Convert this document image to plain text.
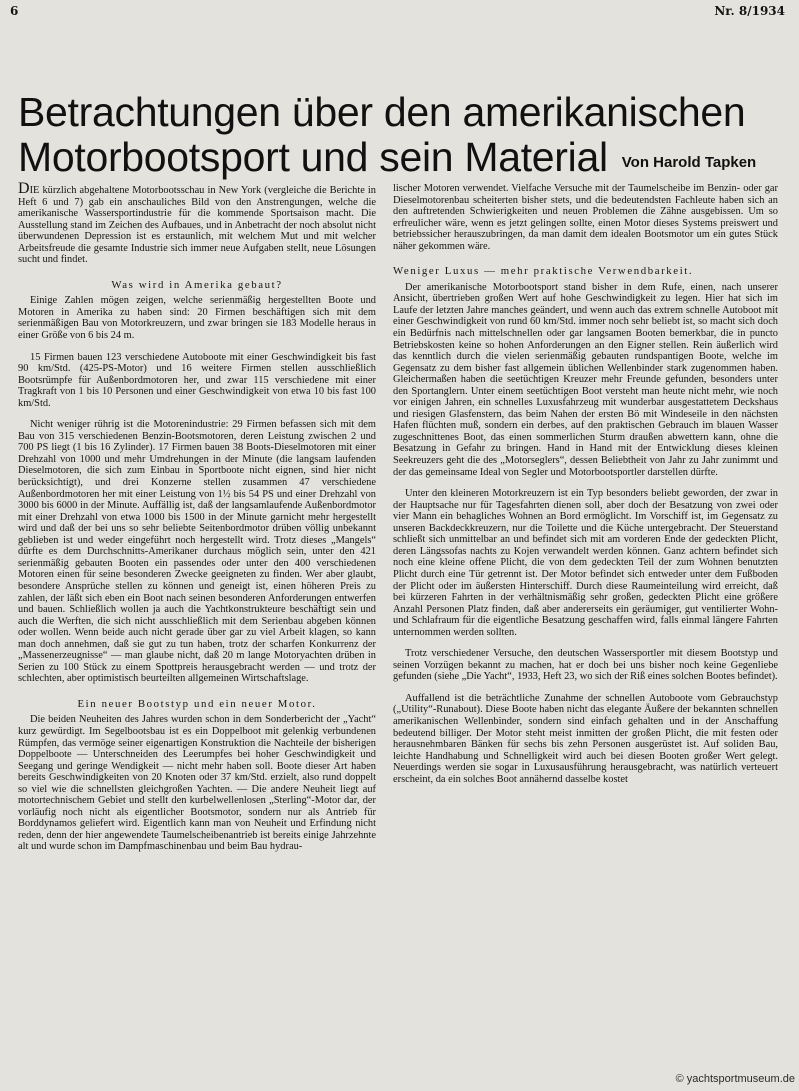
6	Nr. 8/1934
Betrachtungen über den amerikanischen
Motorbootsport und sein Material Von Harold Tapken

DIE kürzlich abgehaltene Motorbootsschau in New York (vergleiche die Berichte in Heft 6 und 7) gab ein anschauliches Bild von den Anstrengungen, welche die amerikanische Wassersportindustrie für die kommende Sportsaison macht. Die Ausstellung stand im Zeichen des Aufbaues, und in Anbetracht der noch absolut nicht überwundenen Depression ist es erstaunlich, mit welchem Mut und mit welcher Arbeitsfreude die gesamte Industrie sich immer neue Aufgaben stellt, neue Lösungen sucht und findet.

Was wird in Amerika gebaut?

Einige Zahlen mögen zeigen, welche serienmäßig hergestellten Boote und Motoren in Amerika zu haben sind: 20 Firmen beschäftigen sich mit dem serienmäßigen Bau von Motorkreuzern, und zwar bringen sie 183 Modelle heraus in einer Größe von 6 bis 24 m.

15 Firmen bauen 123 verschiedene Autoboote mit einer Geschwindigkeit bis fast 90 km/Std. (425-PS-Motor) und 16 weitere Firmen stellen ausschließlich Bootsrümpfe für Außenbordmotoren her, und zwar 115 verschiedene mit einer Tragkraft von 1 bis 10 Personen und einer Geschwindigkeit von etwa 10 bis fast 100 km/Std.

Nicht weniger rührig ist die Motorenindustrie: 29 Firmen befassen sich mit dem Bau von 315 verschiedenen Benzin-Bootsmotoren, deren Leistung zwischen 2 und 700 PS liegt (1 bis 16 Zylinder). 17 Firmen bauen 38 Boots-Dieselmotoren mit einer Drehzahl von 1000 und mehr Umdrehungen in der Minute (die langsam laufenden Dieselmotoren, die sich zum Einbau in Sportboote nicht eignen, sind hier nicht berücksichtigt), und drei Konzerne stellen zusammen 47 verschiedene Außenbordmotoren her mit einer Leistung von 1½ bis 54 PS und einer Drehzahl von 3000 bis 6000 in der Minute. Auffällig ist, daß der langsamlaufende Außenbordmotor mit einer Drehzahl von etwa 1000 bis 1500 in der Minute garnicht mehr hergestellt wird und daß der bei uns so sehr beliebte Seitenbordmotor drüben völlig unbekannt geblieben ist und weder eingeführt noch hergestellt wird. Trotz dieses „Mangels“ dürfte es dem Durchschnitts-Amerikaner durchaus möglich sein, unter den 421 serienmäßig gebauten Booten ein passendes oder unter den 400 verschiedenen Motoren einen für seine besonderen Zwecke geeigneten zu finden. Wer aber glaubt, besondere Ansprüche stellen zu können und geneigt ist, einen höheren Preis zu zahlen, der läßt sich eben ein Boot nach seinen besonderen Anforderungen entwerfen und bauen. Schließlich wollen ja auch die Yachtkonstrukteure beschäftigt sein und auch die Werften, die sich nicht ausschließlich mit dem Serienbau abgeben können oder wollen. Wenn beide auch nicht gerade über gar zu viel Arbeit klagen, so kann man doch annehmen, daß sie gut zu tun haben, trotz der scharfen Konkurrenz der „Massenerzeugnisse“ — man glaube nicht, daß 20 m lange Motoryachten drüben in Serien zu 100 Stück zu einem Spottpreis herausgebracht werden — und trotz der schlechten, aber optimistisch beurteilten allgemeinen Wirtschaftslage.

Ein neuer Bootstyp und ein neuer Motor.

Die beiden Neuheiten des Jahres wurden schon in dem Sonderbericht der „Yacht“ kurz gewürdigt. Im Segelbootsbau ist es ein Doppelboot mit gelenkig verbundenen Rümpfen, das vermöge seiner eigenartigen Konstruktion die Nachteile der bisherigen Doppelboote — Unterschneiden des Leerumpfes bei hoher Geschwindigkeit und Seegang und geringe Wendigkeit — nicht mehr haben soll. Boote dieser Art haben bereits Geschwindigkeiten von 20 Knoten oder 37 km/Std. erzielt, also rund doppelt so viel wie die schnellsten gleichgroßen Yachten. — Die andere Neuheit liegt auf motortechnischem Gebiet und stellt den kurbelwellenlosen „Sterling“-Motor dar, der vorläufig noch nicht als eigentlicher Bootsmotor, sondern nur als Antrieb für Borddynamos geliefert wird. Eigentlich kann man von Neuheit und Erfindung nicht reden, denn der hier angewendete Taumelscheibenantrieb ist bereits einige Jahrzehnte alt und wurde schon im Dampfmaschinenbau und beim Bau hydrau-

lischer Motoren verwendet. Vielfache Versuche mit der Taumelscheibe im Benzin- oder gar Dieselmotorenbau scheiterten bisher stets, und die bedeutendsten Fachleute haben sich an den auftretenden Schwierigkeiten und neuen Problemen die Zähne ausgebissen. Um so erfreulicher wäre, wenn es jetzt gelingen sollte, einen Motor dieses Systems preiswert und betriebssicher herauszubringen, da man damit dem idealen Bootsmotor um ein gutes Stück näher gekommen wäre.

Weniger Luxus — mehr praktische Verwendbarkeit.

Der amerikanische Motorbootsport stand bisher in dem Rufe, einen, nach unserer Ansicht, übertrieben großen Wert auf hohe Geschwindigkeit zu legen. Hier hat sich im Laufe der letzten Jahre manches geändert, und wenn auch das extrem schnelle Autoboot mit einer Geschwindigkeit von rund 60 km/Std. immer noch sehr beliebt ist, so macht sich doch ein Bedürfnis nach mittelschnellen oder gar langsamen Booten bemerkbar, die in puncto Betriebskosten keine so hohen Anforderungen an den Eigner stellen. Rein äußerlich wird das kenntlich durch die vielen serienmäßig gebauten rundspantigen Boote, welche im Gegensatz zu dem bisher fast allgemein üblichen Wellenbinder stark zugenommen haben. Gleichermaßen haben die seetüchtigen Kreuzer mehr Freunde gefunden, besonders unter den Sportanglern. Unter einem seetüchtigen Boot versteht man heute nicht mehr, wie noch vor einigen Jahren, ein schnelles Luxusfahrzeug mit wunderbar ausgestattetem Deckshaus und riesigen Glasfenstern, das beim Nahen der ersten Bö mit Windeseile in den nächsten Hafen flüchten muß, sondern ein derbes, auf den praktischen Gebrauch im blauen Wasser zugeschnittenes Boot, das einen sommerlichen Sturm draußen abwettern kann, ohne die Besatzung in Gefahr zu bringen. Hand in Hand mit der Entwicklung dieses kleinen Seekreuzers geht die des „Motorseglers“, dessen Beliebtheit von Jahr zu Jahr zunimmt und der das gemeinsame Ideal von Segler und Motorbootsportler darstellen dürfte.

Unter den kleineren Motorkreuzern ist ein Typ besonders beliebt geworden, der zwar in der Hauptsache nur für Tagesfahrten dienen soll, aber doch der Besatzung von zwei oder vier Mann ein behagliches Wohnen an Bord ermöglicht. Im Vorschiff ist, im Gegensatz zu unseren Backdeckkreuzern, nur die Toilette und die Küche untergebracht. Der Steuerstand schließt sich unmittelbar an und befindet sich mit am vorderen Ende der gedeckten Plicht, deren Längssofas nachts zu Kojen verwandelt werden können. Ganz achtern befindet sich noch eine kleine offene Plicht, die von dem gedeckten Teil der zum Wohnen benutzten Plicht durch eine Tür getrennt ist. Der Motor befindet sich entweder unter dem Fußboden der Plicht oder im äußersten Hinterschiff. Durch diese Raumeinteilung wird erreicht, daß bei kürzeren Fahrten in der verhältnismäßig sehr großen, gedeckten Plicht eine größere Anzahl Personen Platz finden, daß aber andererseits ein geräumiger, gut ventilierter Wohn- und Schlafraum für die eigentliche Besatzung geschaffen wird, falls einmal längere Fahrten unternommen werden sollten.

Trotz verschiedener Versuche, den deutschen Wassersportler mit diesem Bootstyp und seinen Vorzügen bekannt zu machen, hat er doch bei uns bisher noch keine Gegenliebe gefunden (siehe „Die Yacht“, 1933, Heft 23, wo sich der Riß eines solchen Bootes befindet).

Auffallend ist die beträchtliche Zunahme der schnellen Autoboote vom Gebrauchstyp („Utility“-Runabout). Diese Boote haben nicht das elegante Äußere der bekannten schnellen amerikanischen Wellenbinder, sondern sind einfach gehalten und in der Anschaffung bedeutend billiger. Der Motor steht meist inmitten der großen Plicht, die mit festen oder herausnehmbaren Bänken für sechs bis zehn Personen ausgerüstet ist. Auf soliden Bau, leichte Handhabung und Schnelligkeit wird auch bei diesen Booten großer Wert gelegt. Neuerdings werden sie sogar in Luxusausführung herausgebracht, was natürlich verteuert erscheint, da ein solches Boot annähernd dasselbe kostet

© yachtsportmuseum.de
